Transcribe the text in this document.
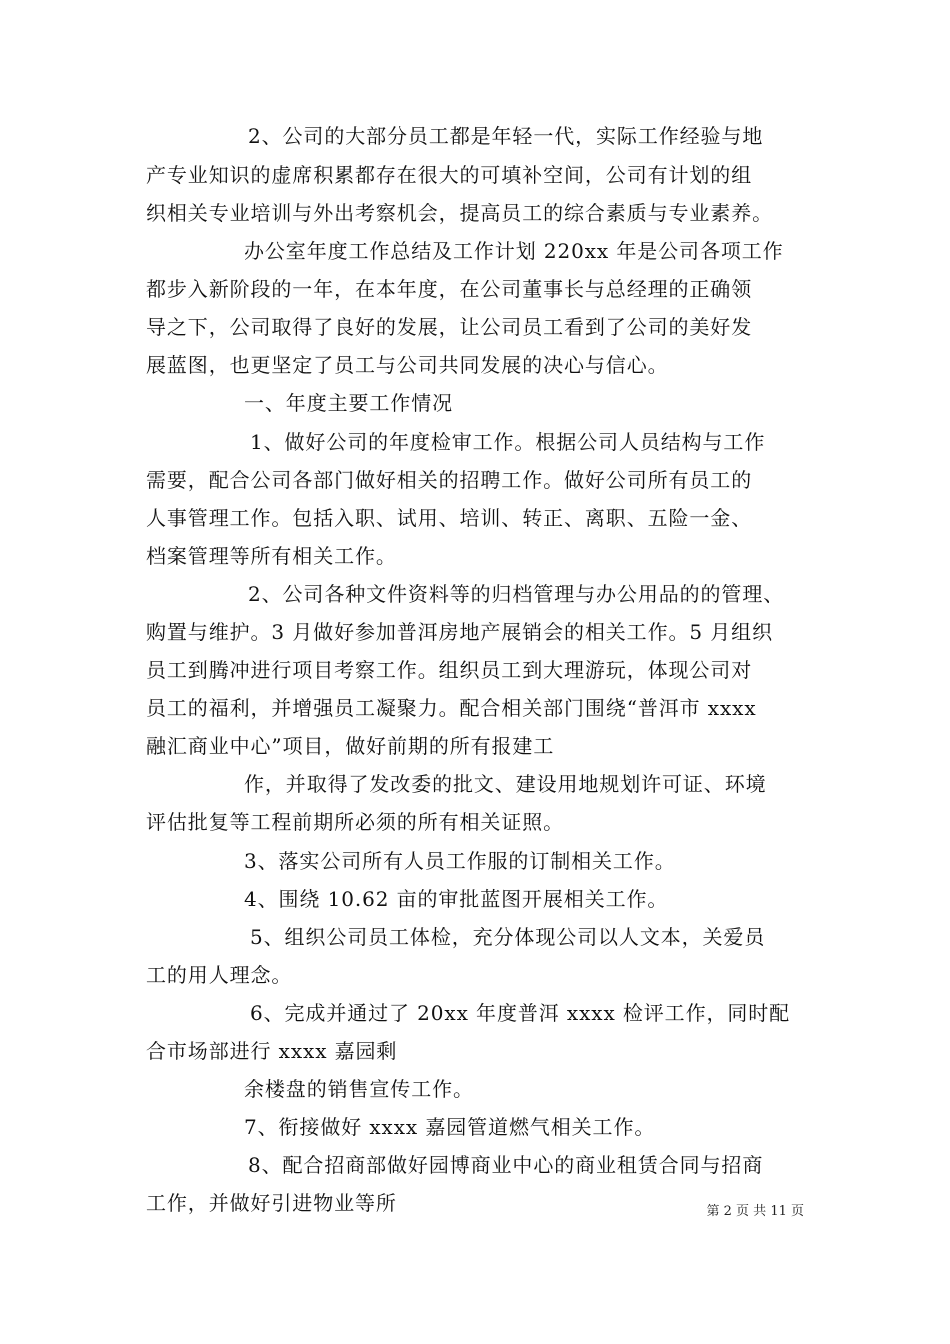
2、公司的大部分员工都是年轻一代，实际工作经验与地
产专业知识的虚席积累都存在很大的可填补空间，公司有计划的组
织相关专业培训与外出考察机会，提高员工的综合素质与专业素养。
办公室年度工作总结及工作计划 220xx 年是公司各项工作
都步入新阶段的一年，在本年度，在公司董事长与总经理的正确领
导之下，公司取得了良好的发展，让公司员工看到了公司的美好发
展蓝图，也更坚定了员工与公司共同发展的决心与信心。
一、年度主要工作情况
1、做好公司的年度检审工作。根据公司人员结构与工作
需要，配合公司各部门做好相关的招聘工作。做好公司所有员工的
人事管理工作。包括入职、试用、培训、转正、离职、五险一金、
档案管理等所有相关工作。
2、公司各种文件资料等的归档管理与办公用品的的管理、
购置与维护。3 月做好参加普洱房地产展销会的相关工作。5 月组织
员工到腾冲进行项目考察工作。组织员工到大理游玩，体现公司对
员工的福利，并增强员工凝聚力。配合相关部门围绕“普洱市 xxxx
融汇商业中心”项目，做好前期的所有报建工
作，并取得了发改委的批文、建设用地规划许可证、环境
评估批复等工程前期所必须的所有相关证照。
3、落实公司所有人员工作服的订制相关工作。
4、围绕 10.62 亩的审批蓝图开展相关工作。
5、组织公司员工体检，充分体现公司以人文本，关爱员
工的用人理念。
6、完成并通过了 20xx 年度普洱 xxxx 检评工作，同时配
合市场部进行 xxxx 嘉园剩
余楼盘的销售宣传工作。
7、衔接做好 xxxx 嘉园管道燃气相关工作。
8、配合招商部做好园博商业中心的商业租赁合同与招商
工作，并做好引进物业等所	第 2 页 共 11 页
